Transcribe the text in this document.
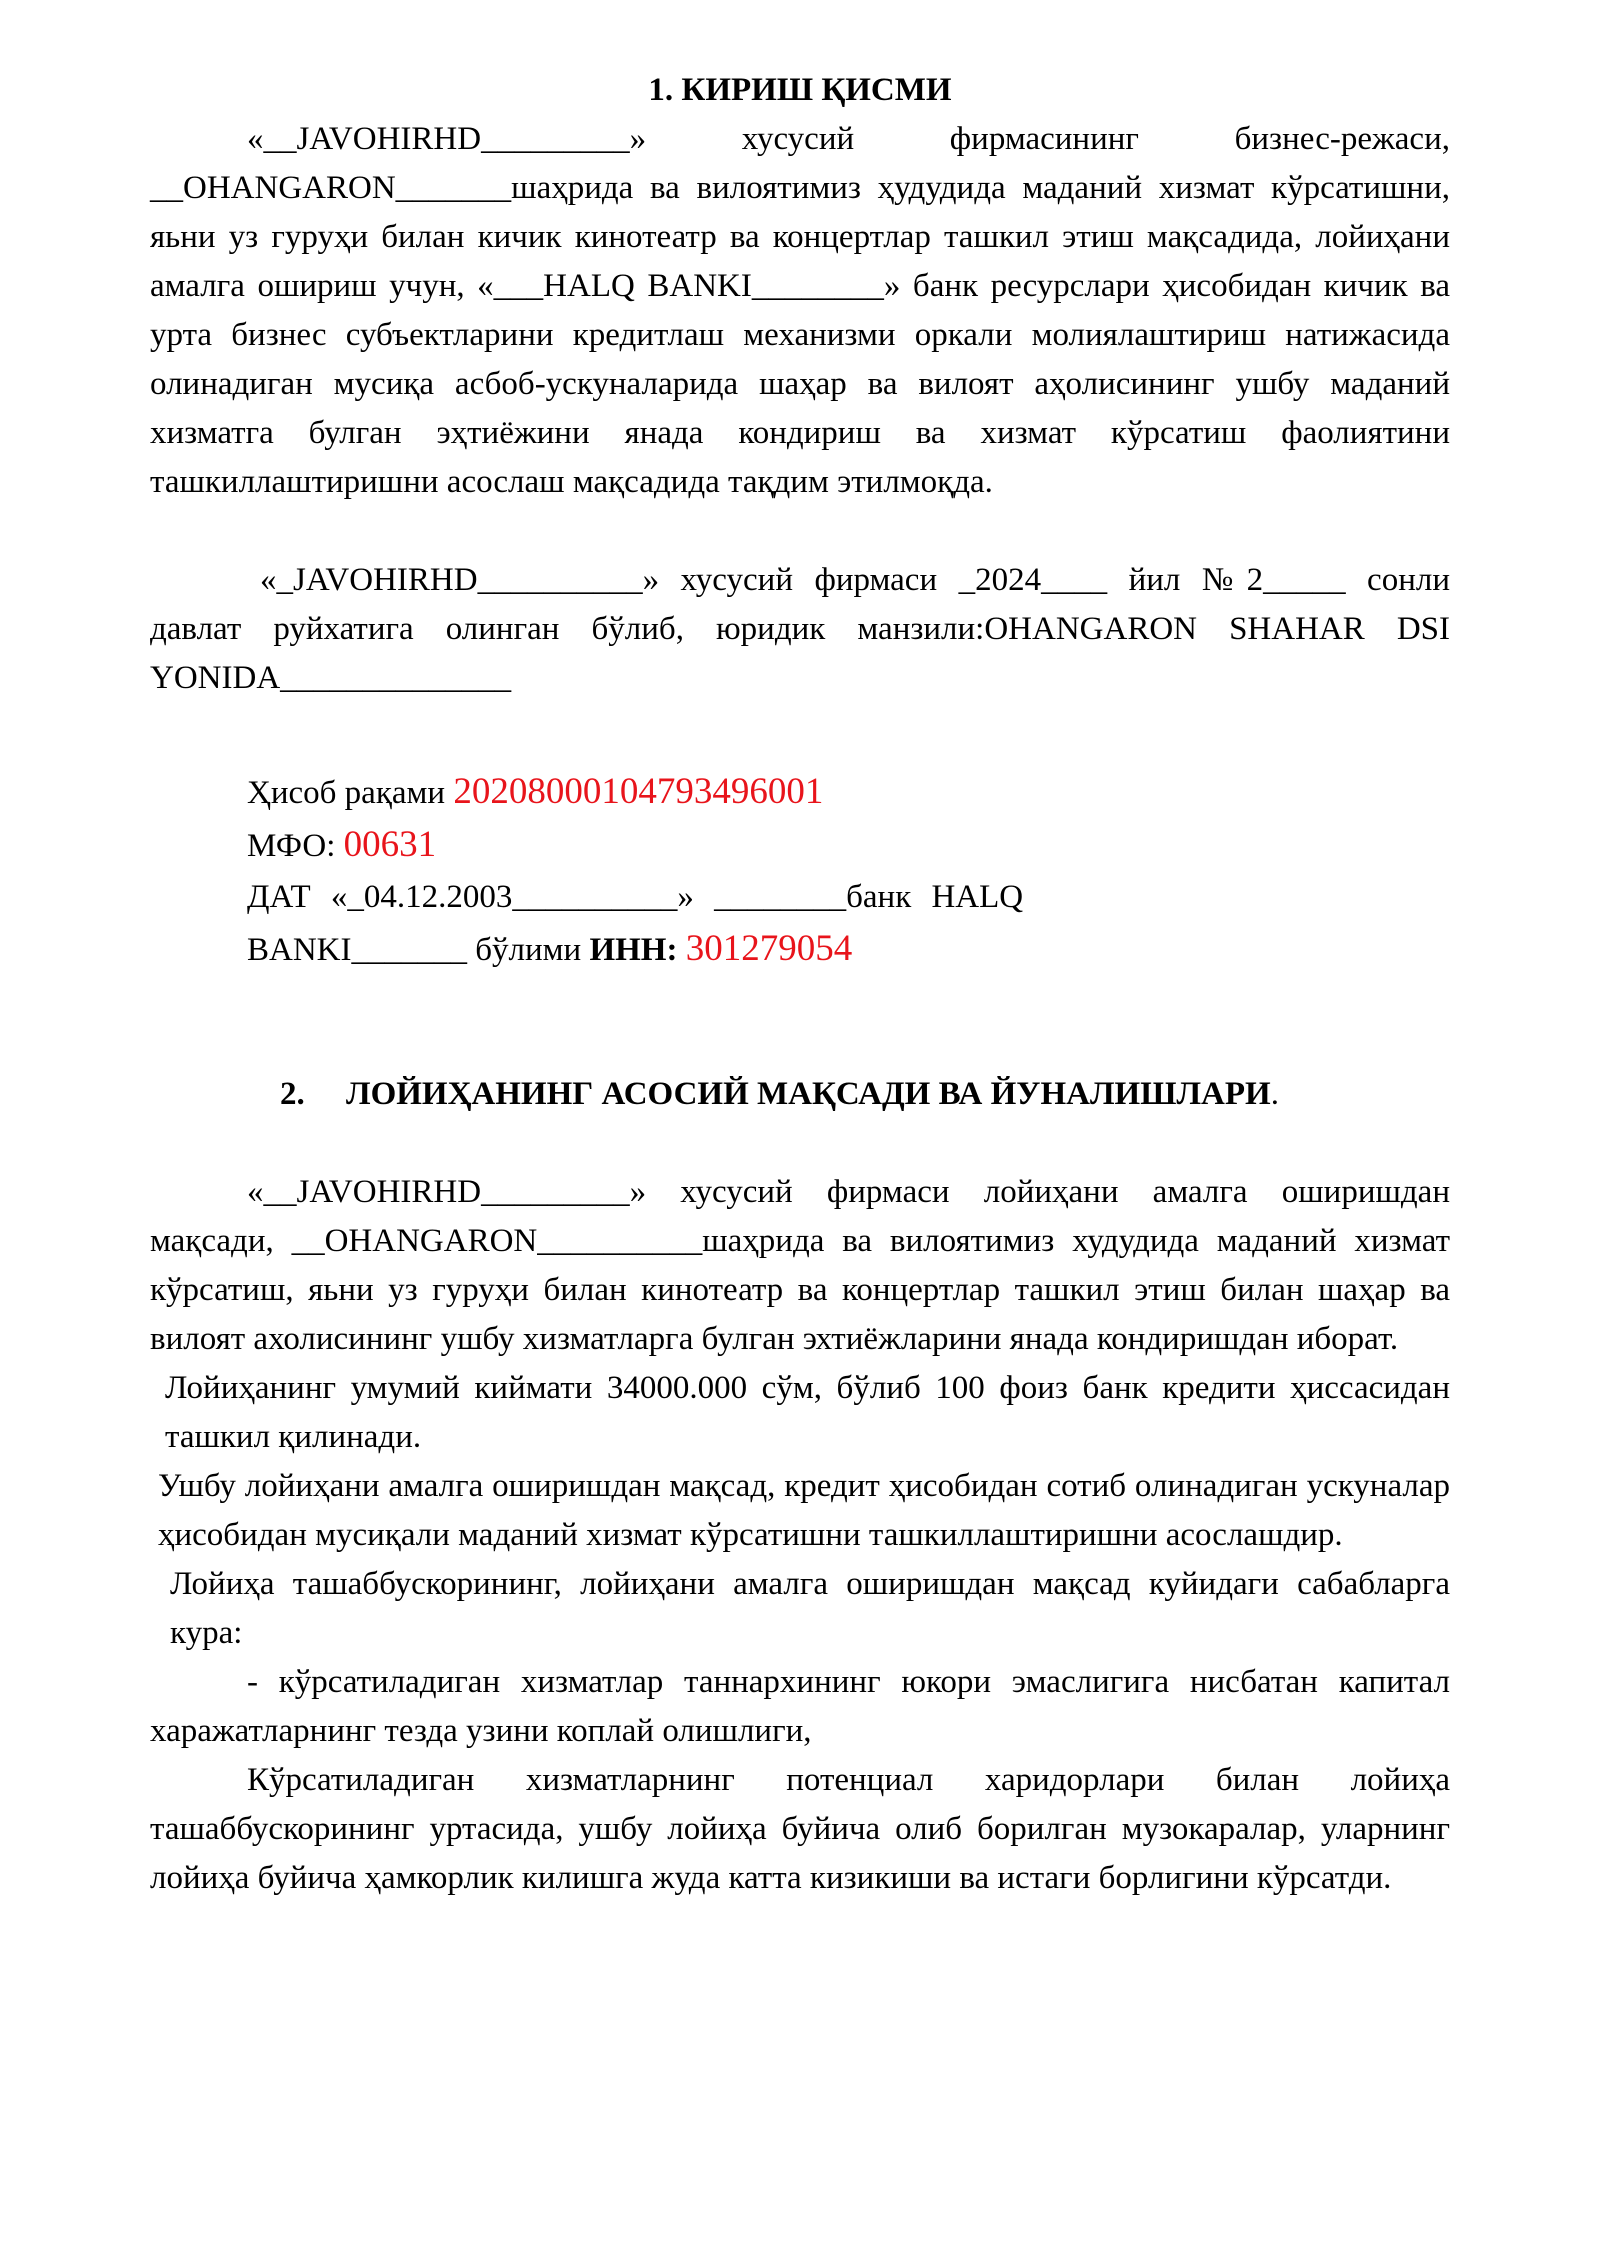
1. КИРИШ ҚИСМИ

«__JAVOHIRHD_________» хусусий фирмасининг бизнес-режаси, __OHANGARON_______шаҳрида ва вилоятимиз ҳудудида маданий хизмат кўрсатишни, яьни уз гуруҳи билан кичик кинотеатр ва концертлар ташкил этиш мақсадида, лойиҳани амалга ошириш учун, «___HALQ BANKI________» банк ресурслари ҳисобидан кичик ва урта бизнес субъектларини кредитлаш механизми оркали молиялаштириш натижасида олинадиган мусиқа асбоб-ускуналарида шаҳар ва вилоят аҳолисининг ушбу маданий хизматга булган эҳтиёжини янада кондириш ва хизмат кўрсатиш фаолиятини ташкиллаштиришни асослаш мақсадида тақдим этилмоқда.

«_JAVOHIRHD__________» хусусий фирмаси _2024____ йил №2_____ сонли давлат руйхатига олинган бўлиб, юридик манзили:OHANGARON SHAHAR DSI YONIDA______________

Ҳисоб рақами 20208000104793496001
МФО: 00631
ДАТ «_04.12.2003__________» ________банк HALQ
BANKI_______ бўлими ИНН: 301279054
2. ЛОЙИҲАНИНГ АСОСИЙ МАҚСАДИ ВА ЙУНАЛИШЛАРИ.

«__JAVOHIRHD_________» хусусий фирмаси лойиҳани амалга оширишдан мақсади, __OHANGARON__________шаҳрида ва вилоятимиз худудида маданий хизмат кўрсатиш, яьни уз гуруҳи билан кинотеатр ва концертлар ташкил этиш билан шаҳар ва вилоят ахолисининг ушбу хизматларга булган эхтиёжларини янада кондиришдан иборат.

Лойиҳанинг умумий киймати 34000.000 сўм, бўлиб 100 фоиз банк кредити ҳиссасидан ташкил қилинади.

Ушбу лойиҳани амалга оширишдан мақсад, кредит ҳисобидан сотиб олинадиган ускуналар ҳисобидан мусиқали маданий хизмат кўрсатишни ташкиллаштиришни асослашдир.

Лойиҳа ташаббускорининг, лойиҳани амалга оширишдан мақсад куйидаги сабабларга кура:

- кўрсатиладиган хизматлар таннархининг юкори эмаслигига нисбатан капитал харажатларнинг тезда узини коплай олишлиги,

Кўрсатиладиган хизматларнинг потенциал харидорлари билан лойиҳа ташаббускорининг уртасида, ушбу лойиҳа буйича олиб борилган музокаралар, уларнинг лойиҳа буйича ҳамкорлик килишга жуда катта кизикиши ва истаги борлигини кўрсатди.
